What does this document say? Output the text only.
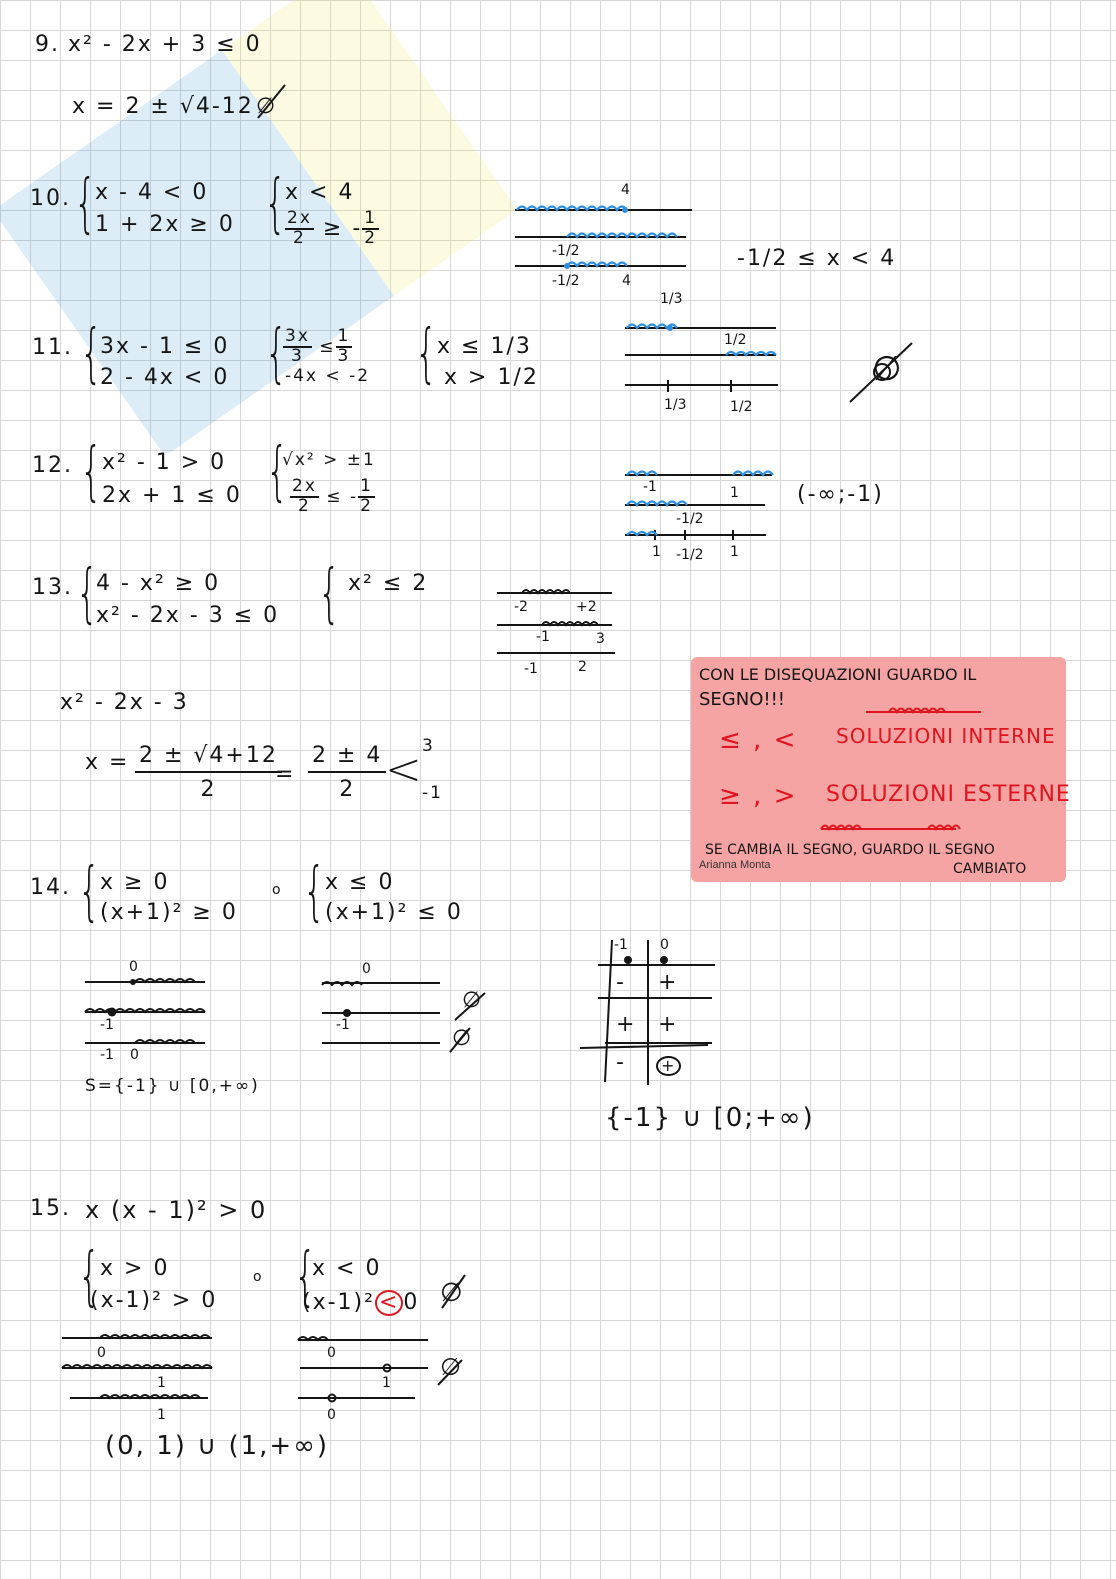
9. x² - 2x + 3 ≤ 0
x = 2 ± √4-12 ∅
10. {
x - 4 < 0
1 + 2x ≥ 0 {
x < 4
$\frac{2x}{2}$ ≥ - $\frac{1}{2}$
4
-1/2
-1/2	4
-1/2 ≤ x < 4
11. {
3x - 1 ≤ 0
2 - 4x < 0 {
$\frac{3x}{3} \le \frac{1}{3}$
-4x < -2 { x ≤ 1/3
x > 1/2
1/3
1/2
1/3	1/2
12. { x² - 1 > 0
2x + 1 ≤ 0 {
√x² > ±1
$\frac{2x}{2}$ ≤ - $\frac{1}{2}$	-1	1
-1/2
1 -1/2 1
(-∞;-1)
13. {
4 - x² ≥ 0
x² - 2x - 3 ≤ 0 { x² ≤ 2
-2	+2
-1	3
-1	2
x² - 2x - 3
x = 2 ± √4+12
2
=
2 ± 4
2 <
3
-1
CON LE DISEQUAZIONI GUARDO IL
SEGNO!!!
≤ , < SOLUZIONI INTERNE
≥ , > SOLUZIONI ESTERNE
SE CAMBIA IL SEGNO, GUARDO IL SEGNO
CAMBIATO
Arianna Monta
14. { x ≥ 0
(x+1)² ≥ 0
o { x ≤ 0
(x+1)² ≤ 0
0
-1
-1 0
S={-1} ∪ [0,+∞)
0
-1
-1 0
- +
+ +
-	+
{-1} ∪ [0;+∞)
15. x (x - 1)² > 0
{ x > 0
(x-1)² > 0
o {
x < 0
(x-1)² < 0
0
1
1
0
1
0
(0, 1) ∪ (1,+∞)
∅
∅
∅
∅
∅
